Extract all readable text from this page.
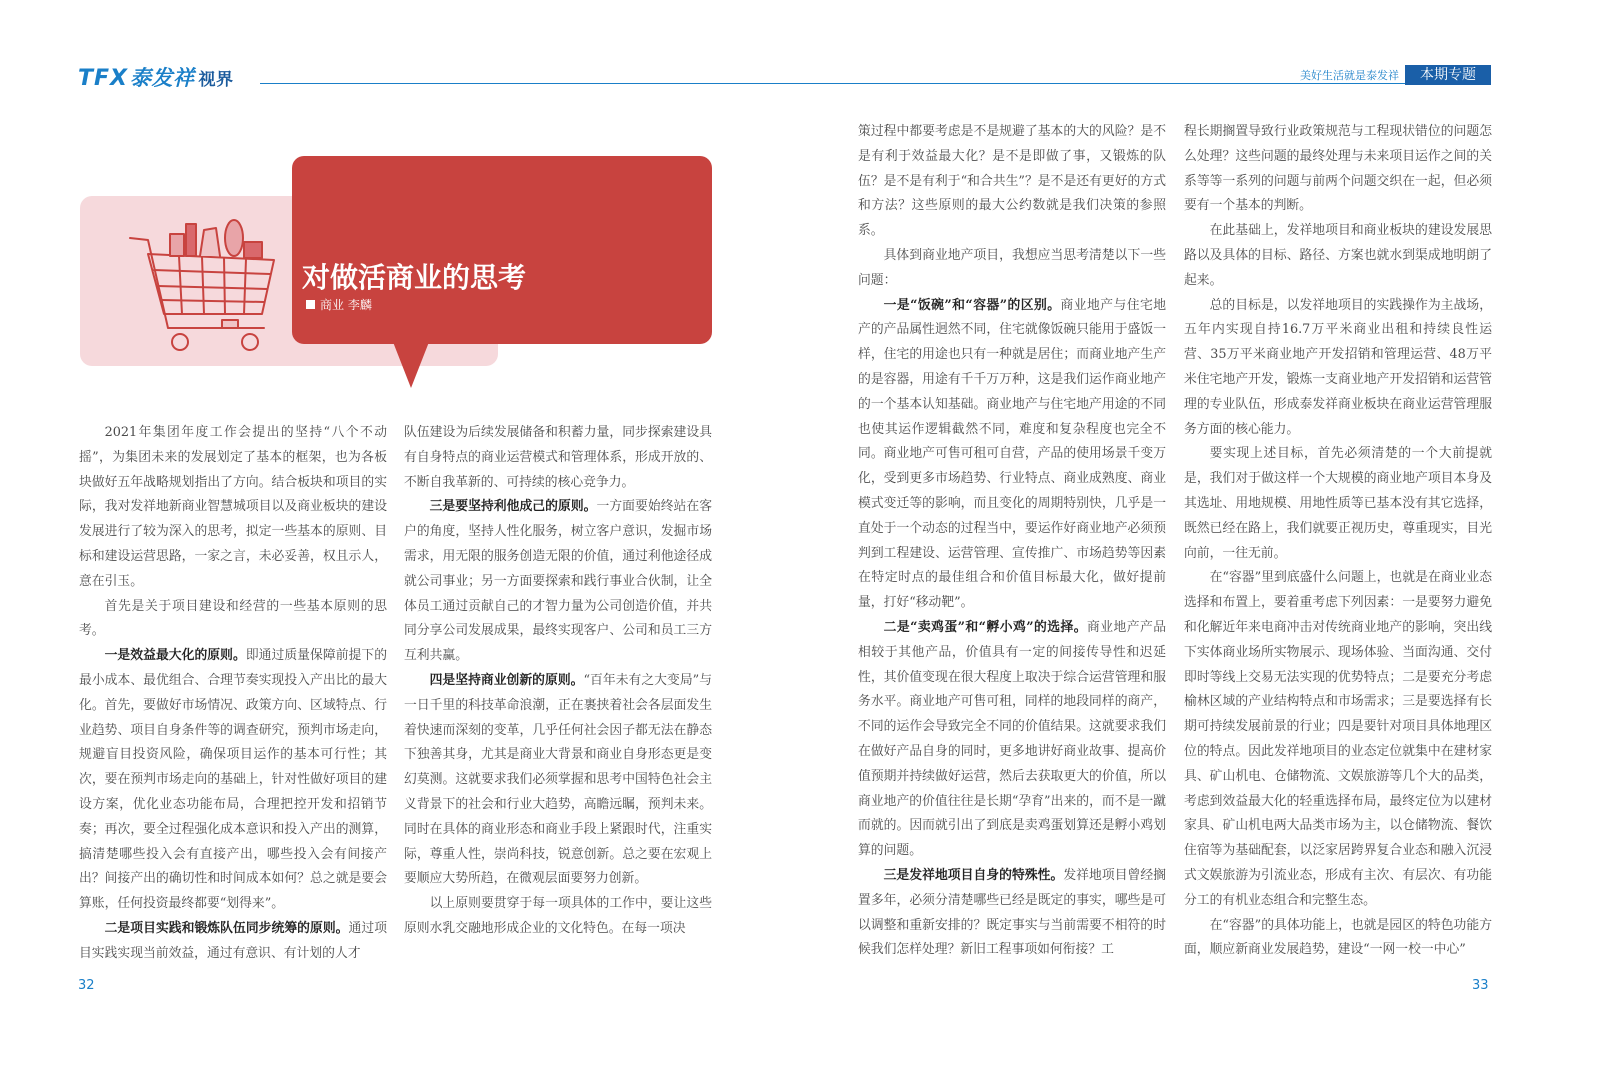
TFX 泰发祥 视界	美好生活就是泰发祥	本期专题
对做活商业的思考
商业 李麟

2021年集团年度工作会提出的坚持“八个不动摇”，为集团未来的发展划定了基本的框架，也为各板块做好五年战略规划指出了方向。结合板块和项目的实际，我对发祥地新商业智慧城项目以及商业板块的建设发展进行了较为深入的思考，拟定一些基本的原则、目标和建设运营思路，一家之言，未必妥善，权且示人，意在引玉。

首先是关于项目建设和经营的一些基本原则的思考。

一是效益最大化的原则。即通过质量保障前提下的最小成本、最优组合、合理节奏实现投入产出比的最大化。首先，要做好市场情况、政策方向、区域特点、行业趋势、项目自身条件等的调查研究，预判市场走向，规避盲目投资风险，确保项目运作的基本可行性；其次，要在预判市场走向的基础上，针对性做好项目的建设方案，优化业态功能布局，合理把控开发和招销节奏；再次，要全过程强化成本意识和投入产出的测算，搞清楚哪些投入会有直接产出，哪些投入会有间接产出？间接产出的确切性和时间成本如何？总之就是要会算账，任何投资最终都要“划得来”。

二是项目实践和锻炼队伍同步统筹的原则。通过项目实践实现当前效益，通过有意识、有计划的人才

队伍建设为后续发展储备和积蓄力量，同步探索建设具有自身特点的商业运营模式和管理体系，形成开放的、不断自我革新的、可持续的核心竞争力。

三是要坚持利他成己的原则。一方面要始终站在客户的角度，坚持人性化服务，树立客户意识，发掘市场需求，用无限的服务创造无限的价值，通过利他途径成就公司事业；另一方面要探索和践行事业合伙制，让全体员工通过贡献自己的才智力量为公司创造价值，并共同分享公司发展成果，最终实现客户、公司和员工三方互利共赢。

四是坚持商业创新的原则。“百年未有之大变局”与一日千里的科技革命浪潮，正在裹挟着社会各层面发生着快速而深刻的变革，几乎任何社会因子都无法在静态下独善其身，尤其是商业大背景和商业自身形态更是变幻莫测。这就要求我们必须掌握和思考中国特色社会主义背景下的社会和行业大趋势，高瞻远瞩，预判未来。同时在具体的商业形态和商业手段上紧跟时代，注重实际，尊重人性，崇尚科技，锐意创新。总之要在宏观上要顺应大势所趋，在微观层面要努力创新。

以上原则要贯穿于每一项具体的工作中，要让这些原则水乳交融地形成企业的文化特色。在每一项决

策过程中都要考虑是不是规避了基本的大的风险？是不是有利于效益最大化？是不是即做了事，又锻炼的队伍？是不是有利于“和合共生”？是不是还有更好的方式和方法？这些原则的最大公约数就是我们决策的参照系。

具体到商业地产项目，我想应当思考清楚以下一些问题：

一是“饭碗”和“容器”的区别。商业地产与住宅地产的产品属性迥然不同，住宅就像饭碗只能用于盛饭一样，住宅的用途也只有一种就是居住；而商业地产生产的是容器，用途有千千万万种，这是我们运作商业地产的一个基本认知基础。商业地产与住宅地产用途的不同也使其运作逻辑截然不同，难度和复杂程度也完全不同。商业地产可售可租可自营，产品的使用场景千变万化，受到更多市场趋势、行业特点、商业成熟度、商业模式变迁等的影响，而且变化的周期特别快，几乎是一直处于一个动态的过程当中，要运作好商业地产必须预判到工程建设、运营管理、宣传推广、市场趋势等因素在特定时点的最佳组合和价值目标最大化，做好提前量，打好“移动靶”。

二是“卖鸡蛋”和“孵小鸡”的选择。商业地产产品相较于其他产品，价值具有一定的间接传导性和迟延性，其价值变现在很大程度上取决于综合运营管理和服务水平。商业地产可售可租，同样的地段同样的商产，不同的运作会导致完全不同的价值结果。这就要求我们在做好产品自身的同时，更多地讲好商业故事、提高价值预期并持续做好运营，然后去获取更大的价值，所以商业地产的价值往往是长期“孕育”出来的，而不是一蹴而就的。因而就引出了到底是卖鸡蛋划算还是孵小鸡划算的问题。

三是发祥地项目自身的特殊性。发祥地项目曾经搁置多年，必须分清楚哪些已经是既定的事实，哪些是可以调整和重新安排的？既定事实与当前需要不相符的时候我们怎样处理？新旧工程事项如何衔接？工

程长期搁置导致行业政策规范与工程现状错位的问题怎么处理？这些问题的最终处理与未来项目运作之间的关系等等一系列的问题与前两个问题交织在一起，但必须要有一个基本的判断。

在此基础上，发祥地项目和商业板块的建设发展思路以及具体的目标、路径、方案也就水到渠成地明朗了起来。

总的目标是，以发祥地项目的实践操作为主战场，五年内实现自持16.7万平米商业出租和持续良性运营、35万平米商业地产开发招销和管理运营、48万平米住宅地产开发，锻炼一支商业地产开发招销和运营管理的专业队伍，形成泰发祥商业板块在商业运营管理服务方面的核心能力。

要实现上述目标，首先必须清楚的一个大前提就是，我们对于做这样一个大规模的商业地产项目本身及其选址、用地规模、用地性质等已基本没有其它选择，既然已经在路上，我们就要正视历史，尊重现实，目光向前，一往无前。

在“容器”里到底盛什么问题上，也就是在商业业态选择和布置上，要着重考虑下列因素：一是要努力避免和化解近年来电商冲击对传统商业地产的影响，突出线下实体商业场所实物展示、现场体验、当面沟通、交付即时等线上交易无法实现的优势特点；二是要充分考虑榆林区域的产业结构特点和市场需求；三是要选择有长期可持续发展前景的行业；四是要针对项目具体地理区位的特点。因此发祥地项目的业态定位就集中在建材家具、矿山机电、仓储物流、文娱旅游等几个大的品类，考虑到效益最大化的轻重选择布局，最终定位为以建材家具、矿山机电两大品类市场为主，以仓储物流、餐饮住宿等为基础配套，以泛家居跨界复合业态和融入沉浸式文娱旅游为引流业态，形成有主次、有层次、有功能分工的有机业态组合和完整生态。

在“容器”的具体功能上，也就是园区的特色功能方面，顺应新商业发展趋势，建设“一网一校一中心”

32	33
